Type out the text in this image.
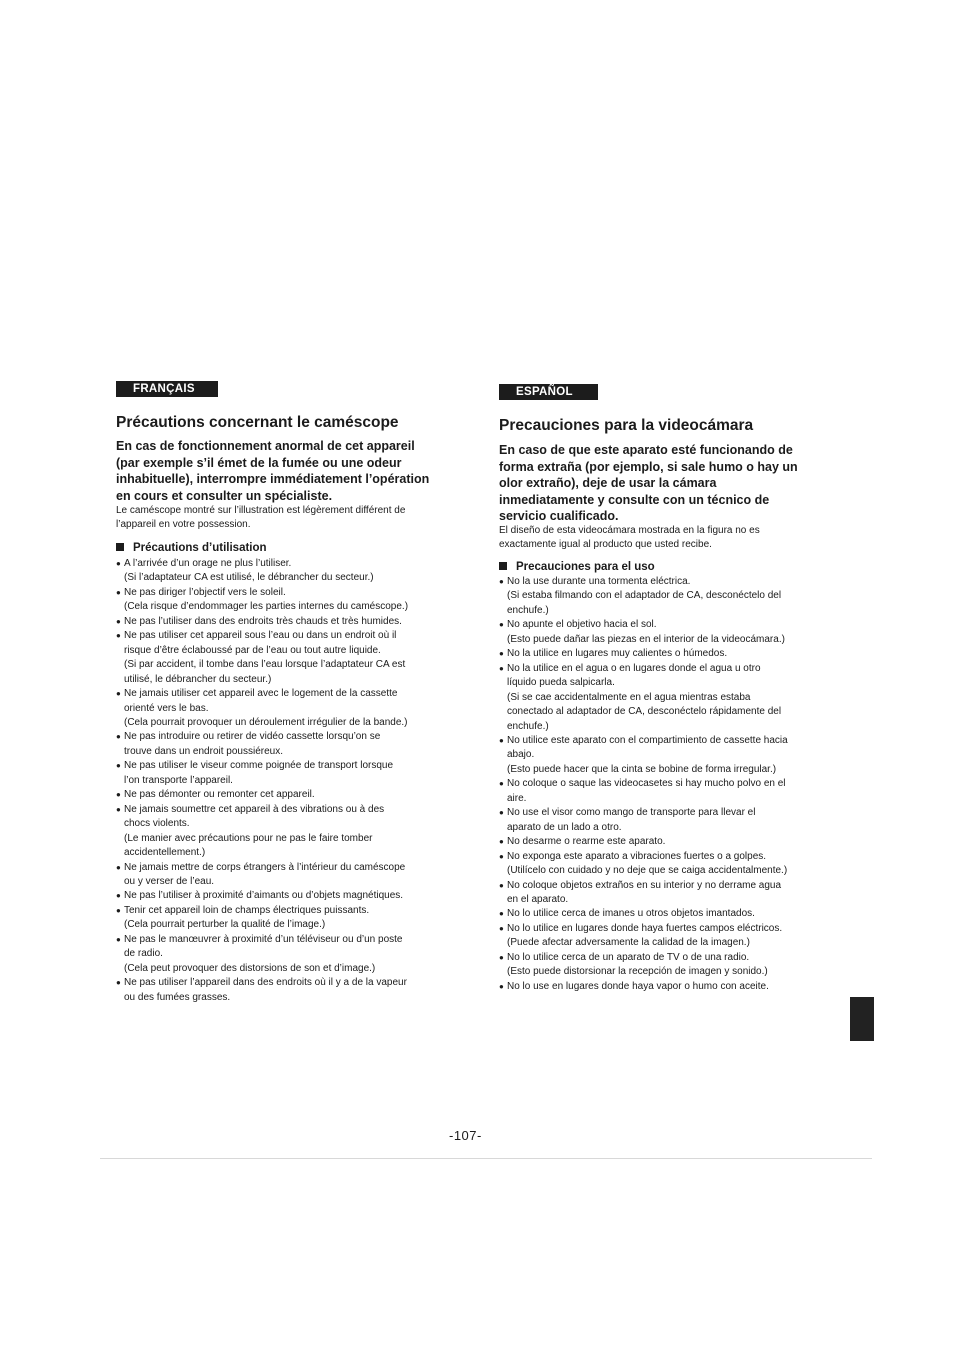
FRANÇAIS
Précautions concernant le caméscope
En cas de fonctionnement anormal de cet appareil
(par exemple s’il émet de la fumée ou une odeur
inhabituelle), interrompre immédiatement l’opération
en cours et consulter un spécialiste.
Le caméscope montré sur l’illustration est légèrement différent de
l’appareil en votre possession.
Précautions d’utilisation
● A l’arrivée d’un orage ne plus l’utiliser.
(Si l’adaptateur CA est utilisé, le débrancher du secteur.)
● Ne pas diriger l’objectif vers le soleil.
(Cela risque d’endommager les parties internes du caméscope.)
● Ne pas l’utiliser dans des endroits très chauds et très humides.
● Ne pas utiliser cet appareil sous l’eau ou dans un endroit où il
risque d’être éclaboussé par de l’eau ou tout autre liquide.
(Si par accident, il tombe dans l’eau lorsque l’adaptateur CA est
utilisé, le débrancher du secteur.)
● Ne jamais utiliser cet appareil avec le logement de la cassette
orienté vers le bas.
(Cela pourrait provoquer un déroulement irrégulier de la bande.)
● Ne pas introduire ou retirer de vidéo cassette lorsqu’on se
trouve dans un endroit poussiéreux.
● Ne pas utiliser le viseur comme poignée de transport lorsque
l’on transporte l’appareil.
● Ne pas démonter ou remonter cet appareil.
● Ne jamais soumettre cet appareil à des vibrations ou à des
chocs violents.
(Le manier avec précautions pour ne pas le faire tomber
accidentellement.)
● Ne jamais mettre de corps étrangers à l’intérieur du caméscope
ou y verser de l’eau.
● Ne pas l’utiliser à proximité d’aimants ou d’objets magnétiques.
● Tenir cet appareil loin de champs électriques puissants.
(Cela pourrait perturber la qualité de l’image.)
● Ne pas le manœuvrer à proximité d’un téléviseur ou d’un poste
de radio.
(Cela peut provoquer des distorsions de son et d’image.)
● Ne pas utiliser l’appareil dans des endroits où il y a de la vapeur
ou des fumées grasses.
ESPAÑOL
Precauciones para la videocámara
En caso de que este aparato esté funcionando de
forma extraña (por ejemplo, si sale humo o hay un
olor extraño), deje de usar la cámara
inmediatamente y consulte con un técnico de
servicio cualificado.
El diseño de esta videocámara mostrada en la figura no es
exactamente igual al producto que usted recibe.
Precauciones para el uso
● No la use durante una tormenta eléctrica.
(Si estaba filmando con el adaptador de CA, desconéctelo del
enchufe.)
● No apunte el objetivo hacia el sol.
(Esto puede dañar las piezas en el interior de la videocámara.)
● No la utilice en lugares muy calientes o húmedos.
● No la utilice en el agua o en lugares donde el agua u otro
líquido pueda salpicarla.
(Si se cae accidentalmente en el agua mientras estaba
conectado al adaptador de CA, desconéctelo rápidamente del
enchufe.)
● No utilice este aparato con el compartimiento de cassette hacia
abajo.
(Esto puede hacer que la cinta se bobine de forma irregular.)
● No coloque o saque las videocasetes si hay mucho polvo en el
aire.
● No use el visor como mango de transporte para llevar el
aparato de un lado a otro.
● No desarme o rearme este aparato.
● No exponga este aparato a vibraciones fuertes o a golpes.
(Utilícelo con cuidado y no deje que se caiga accidentalmente.)
● No coloque objetos extraños en su interior y no derrame agua
en el aparato.
● No lo utilice cerca de imanes u otros objetos imantados.
● No lo utilice en lugares donde haya fuertes campos eléctricos.
(Puede afectar adversamente la calidad de la imagen.)
● No lo utilice cerca de un aparato de TV o de una radio.
(Esto puede distorsionar la recepción de imagen y sonido.)
● No lo use en lugares donde haya vapor o humo con aceite.
-107-
